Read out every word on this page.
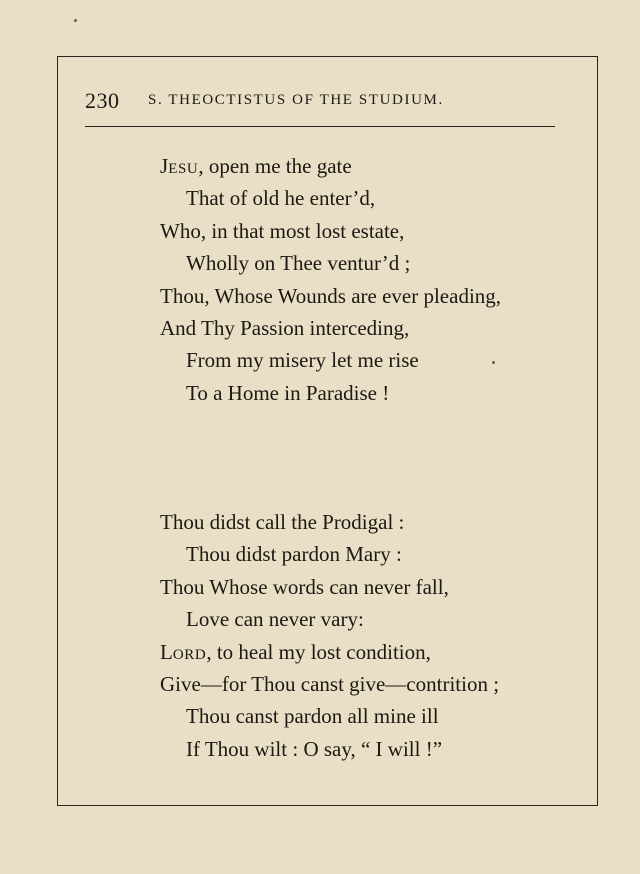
230 S. THEOCTISTUS OF THE STUDIUM.
JESU, open me the gate
That of old he enter’d,
Who, in that most lost estate,
Wholly on Thee ventur’d ;
Thou, Whose Wounds are ever pleading,
And Thy Passion interceding,
From my misery let me rise
To a Home in Paradise !
Thou didst call the Prodigal :
Thou didst pardon Mary :
Thou Whose words can never fall,
Love can never vary:
LORD, to heal my lost condition,
Give—for Thou canst give—contrition ;
Thou canst pardon all mine ill
If Thou wilt : O say, “ I will !”
